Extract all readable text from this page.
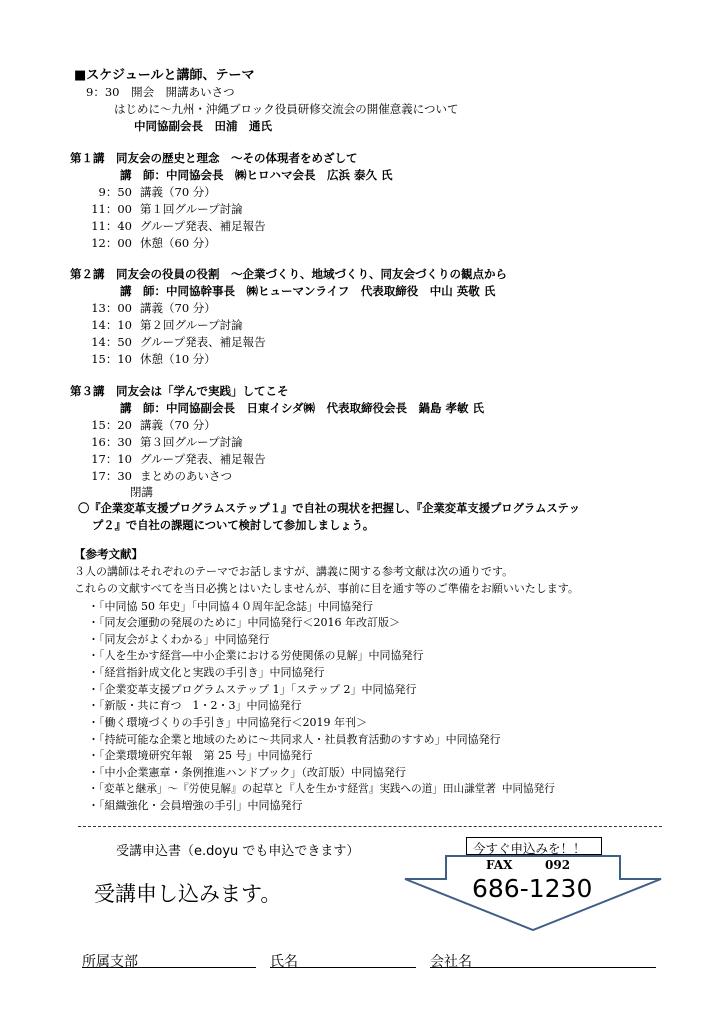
■スケジュールと講師、テーマ
9：30 開会　開講あいさつ
はじめに～九州・沖縄ブロック役員研修交流会の開催意義について
中同協副会長　田浦　通氏
第１講　同友会の歴史と理念　～その体現者をめざして
講　師：中同協会長　㈱ヒロハマ会長　広浜 泰久 氏
9：50 講義（70 分）
11：00 第１回グループ討論
11：40 グループ発表、補足報告
12：00 休憩（60 分）
第２講　同友会の役員の役割　～企業づくり、地域づくり、同友会づくりの観点から
講　師：中同協幹事長　㈱ヒューマンライフ　代表取締役　中山 英敬 氏
13：00 講義（70 分）
14：10 第２回グループ討論
14：50 グループ発表、補足報告
15：10 休憩（10 分）
第３講　同友会は「学んで実践」してこそ
講　師：中同協副会長　日東イシダ㈱　代表取締役会長　鍋島 孝敏 氏
15：20 講義（70 分）
16：30 第３回グループ討論
17：10 グループ発表、補足報告
17：30 まとめのあいさつ
閉講
〇『企業変革支援プログラムステップ１』で自社の現状を把握し、『企業変革支援プログラムステッ
プ２』で自社の課題について検討して参加しましょう。
【参考文献】
３人の講師はそれぞれのテーマでお話しますが、講義に関する参考文献は次の通りです。
これらの文献すべてを当日必携とはいたしませんが、事前に目を通す等のご準備をお願いいたします。
・「中同協 50 年史」「中同協４０周年記念誌」中同協発行
・「同友会運動の発展のために」中同協発行＜2016 年改訂版＞
・「同友会がよくわかる」中同協発行
・「人を生かす経営―中小企業における労使関係の見解」中同協発行
・「経営指針成文化と実践の手引き」中同協発行
・「企業変革支援プログラムステップ 1」「ステップ 2」中同協発行
・「新版・共に育つ　1・2・3」中同協発行
・「働く環境づくりの手引き」中同協発行＜2019 年刊＞
・「持続可能な企業と地域のために～共同求人・社員教育活動のすすめ」中同協発行
・「企業環境研究年報　第 25 号」中同協発行
・「中小企業憲章・条例推進ハンドブック」（改訂版）中同協発行
・「変革と継承」～『労使見解』の起草と『人を生かす経営』実践への道」田山謙堂著 中同協発行
・「組織強化・会員増強の手引」中同協発行
受講申込書（e.doyu でも申込できます）	今すぐ申込みを！！
FAX	092
686-1230
受講申し込みます。
所属支部	氏名	会社名
